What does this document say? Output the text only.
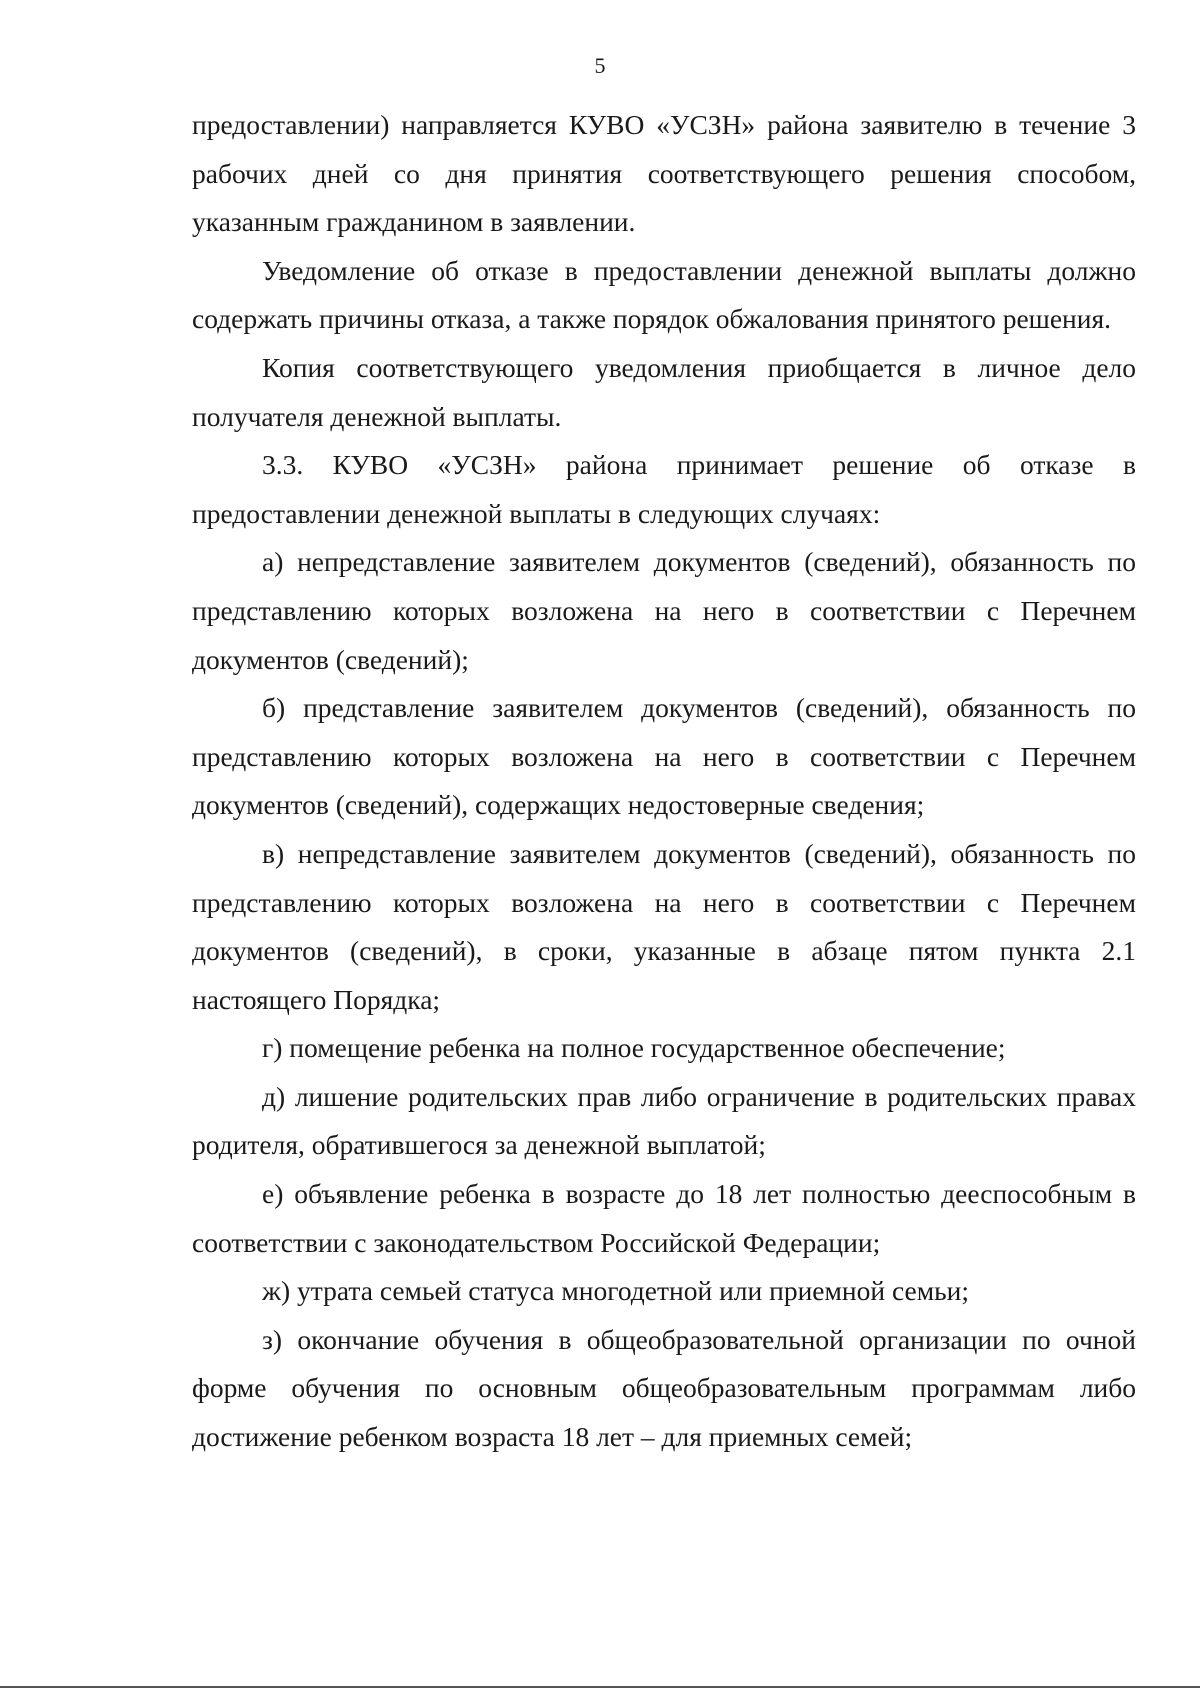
5

предоставлении) направляется КУВО «УСЗН» района заявителю в течение 3 рабочих дней со дня принятия соответствующего решения способом, указанным гражданином в заявлении.

Уведомление об отказе в предоставлении денежной выплаты должно содержать причины отказа, а также порядок обжалования принятого решения.

Копия соответствующего уведомления приобщается в личное дело получателя денежной выплаты.

3.3. КУВО «УСЗН» района принимает решение об отказе в предоставлении денежной выплаты в следующих случаях:

а) непредставление заявителем документов (сведений), обязанность по представлению которых возложена на него в соответствии с Перечнем документов (сведений);

б) представление заявителем документов (сведений), обязанность по представлению которых возложена на него в соответствии с Перечнем документов (сведений), содержащих недостоверные сведения;

в) непредставление заявителем документов (сведений), обязанность по представлению которых возложена на него в соответствии с Перечнем документов (сведений), в сроки, указанные в абзаце пятом пункта 2.1 настоящего Порядка;

г) помещение ребенка на полное государственное обеспечение;

д) лишение родительских прав либо ограничение в родительских правах родителя, обратившегося за денежной выплатой;

е) объявление ребенка в возрасте до 18 лет полностью дееспособным в соответствии с законодательством Российской Федерации;

ж) утрата семьей статуса многодетной или приемной семьи;

з) окончание обучения в общеобразовательной организации по очной форме обучения по основным общеобразовательным программам либо достижение ребенком возраста 18 лет – для приемных семей;
